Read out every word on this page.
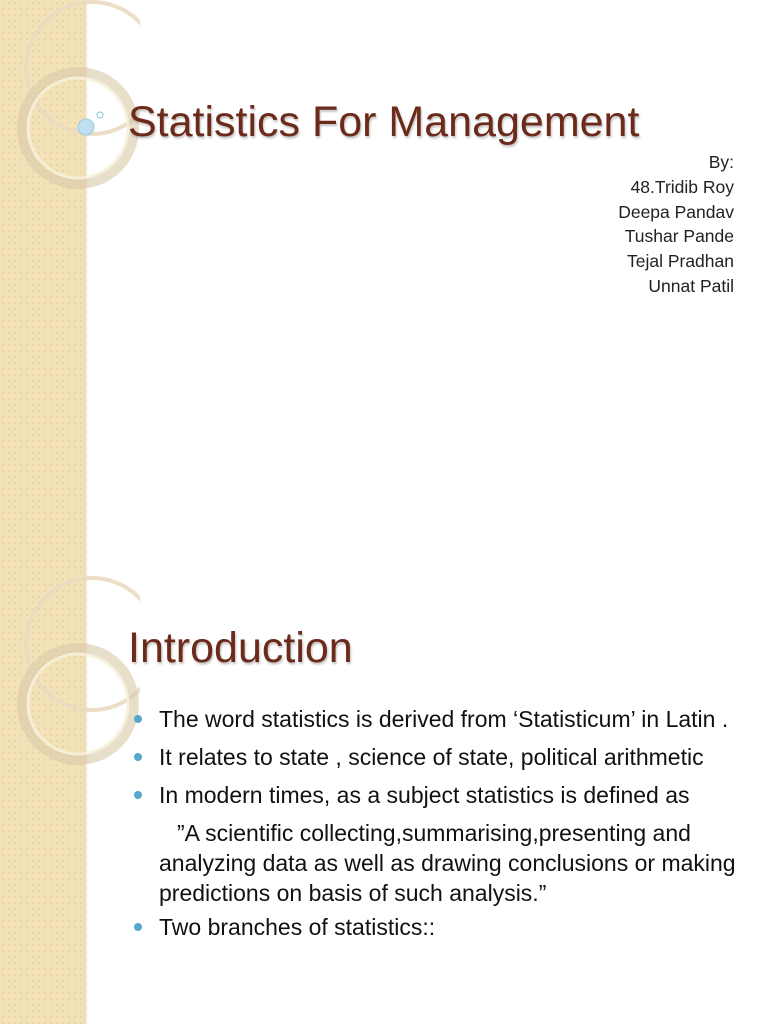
Statistics For Management
By:
48.Tridib Roy
Deepa Pandav
Tushar Pande
Tejal Pradhan
Unnat Patil
Introduction
The word statistics is derived from ‘Statisticum’ in Latin .
It relates to state , science of state, political arithmetic
In modern times, as a subject statistics is defined as
”A scientific collecting,summarising,presenting and analyzing data as well as drawing conclusions or making predictions on basis of such analysis.”
Two branches of statistics::
